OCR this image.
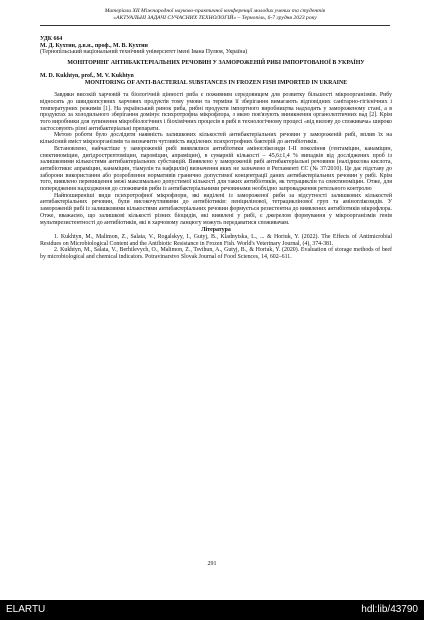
Матеріали XII Міжнародної науково-практичної конференції молодих учених та студентів
«АКТУАЛЬНІ ЗАДАЧІ СУЧАСНИХ ТЕХНОЛОГІЙ» – Тернопіль, 6-7 грудня 2023 року
УДК 664
М. Д. Кухтин, д.в.н., проф., М. В. Кухтин
(Тернопільський національний технічний університет імені Івана Пулюя, Україна)
МОНІТОРИНГ АНТИБАКТЕРІАЛЬНИХ РЕЧОВИН У ЗАМОРОЖЕНІЙ РИБІ ІМПОРТОВАНОЇ В УКРАЇНУ
M. D. Kukhtyn, prof., M. V. Kukhtyn
MONITORING OF ANTI-BACTERIAL SUBSTANCES IN FROZEN FISH IMPORTED IN UKRAINE

Завдяки високій харчовій та біологічній цінності риба є поживним середовищем для розвитку більшості мікроорганізмів. Рибу відносять до швидкопсувних харчових продуктів тому умови та терміни її зберігання вимагають відповідних санітарно-гігієнічних і температурних режимів [1]. На український ринок риба, рибні продукти імпортного виробництва надходять у замороженому стані, а в продуктах за холодильного зберігання домінує психротрофна мікрофлора, з якою пов'язують виникнення органолептичних вад [2]. Крім того виробники для зупинення мікробіологічних і біохімічних процесів в рибі в технологічному процесі «від вилову до споживача» широко застосовують різні антибактеріальні препарати.

Метою роботи було дослідити наявність залишкових кількостей антибактеріальних речовин у замороженій рибі, вплив їх на кількісний вміст мікроорганізмів та визначити чутливість виділених психротрофних бактерій до антибіотиків.

Встановлено, найчастіше у замороженій рибі виявлялися антибіотики аміноглікозиди І-ІІ покоління (гентаміцин, канаміцин, спектиноміцин, дигідрострептоміцин, пароміцин, апраміцин), в сумарній кількості – 45,6±1,4 % випадків від досліджених проб із залишковими кількостями антибактеріальних субстанцій. Виявлено у замороженій рибі антибактеріальні речовини (налідиксова кислота, антибіотики: апраміцин, канаміцин, тіамулін та нафцилін) визначення яких не зазначено в Регламенті ЄС (№ 37/2010). Це дає підставу до заборони використання або розроблення нормативів гранично допустимої концентрації даних антибактеріальних речовин у рибі. Крім того, виявлено перевищення межі максимально допустимої кількості для таких антибіотиків, як тетрациклін та спектиноміцин. Отже, для попередження надходження до споживачів риби із антибактеріальними речовинами необхідно запровадження ретельного контролю

Найпоширеніші види психротрофної мікрофлори, які виділені із замороженої риби за відсутності залишкових кількостей антибактеріальних речовин, були високочутливими до антибіотиків: пеніцилінової, тетрациклінової груп та аміноглікозидів. У замороженій рибі із залишковими кількостями антибактеріальних речовин формується резистентна до виявлених антибіотиків мікрофлора. Отже, вважаємо, що залишкові кількості різних біоцидів, які виявлені у рибі, є джерелом формування у мікроорганізмів генів мультирезистентності до антибіотиків, які в харчовому ланцюгу можуть передаватися споживачам.

Література

1. Kukhtyn, M., Malimon, Z., Salata, V., Rogalskyy, I., Gutyj, B., Kladnytska, L., ... & Horiuk, Y. (2022). The Effects of Antimicrobial Residues on Microbiological Content and the Antibiotic Resistance in Frozen Fish. World's Veterinary Journal, (4), 374-381.

2. Kukhtyn, M., Salata, V., Berhilevych, O., Malimon, Z., Tsvihun, A., Gutyj, B., & Horiuk, Y. (2020). Evaluation of storage methods of beef by microbiological and chemical indicators. Potravinarstvo Slovak Journal of Food Sciences, 14, 602–611.

291
ELARTU	hdl:lib/43790
